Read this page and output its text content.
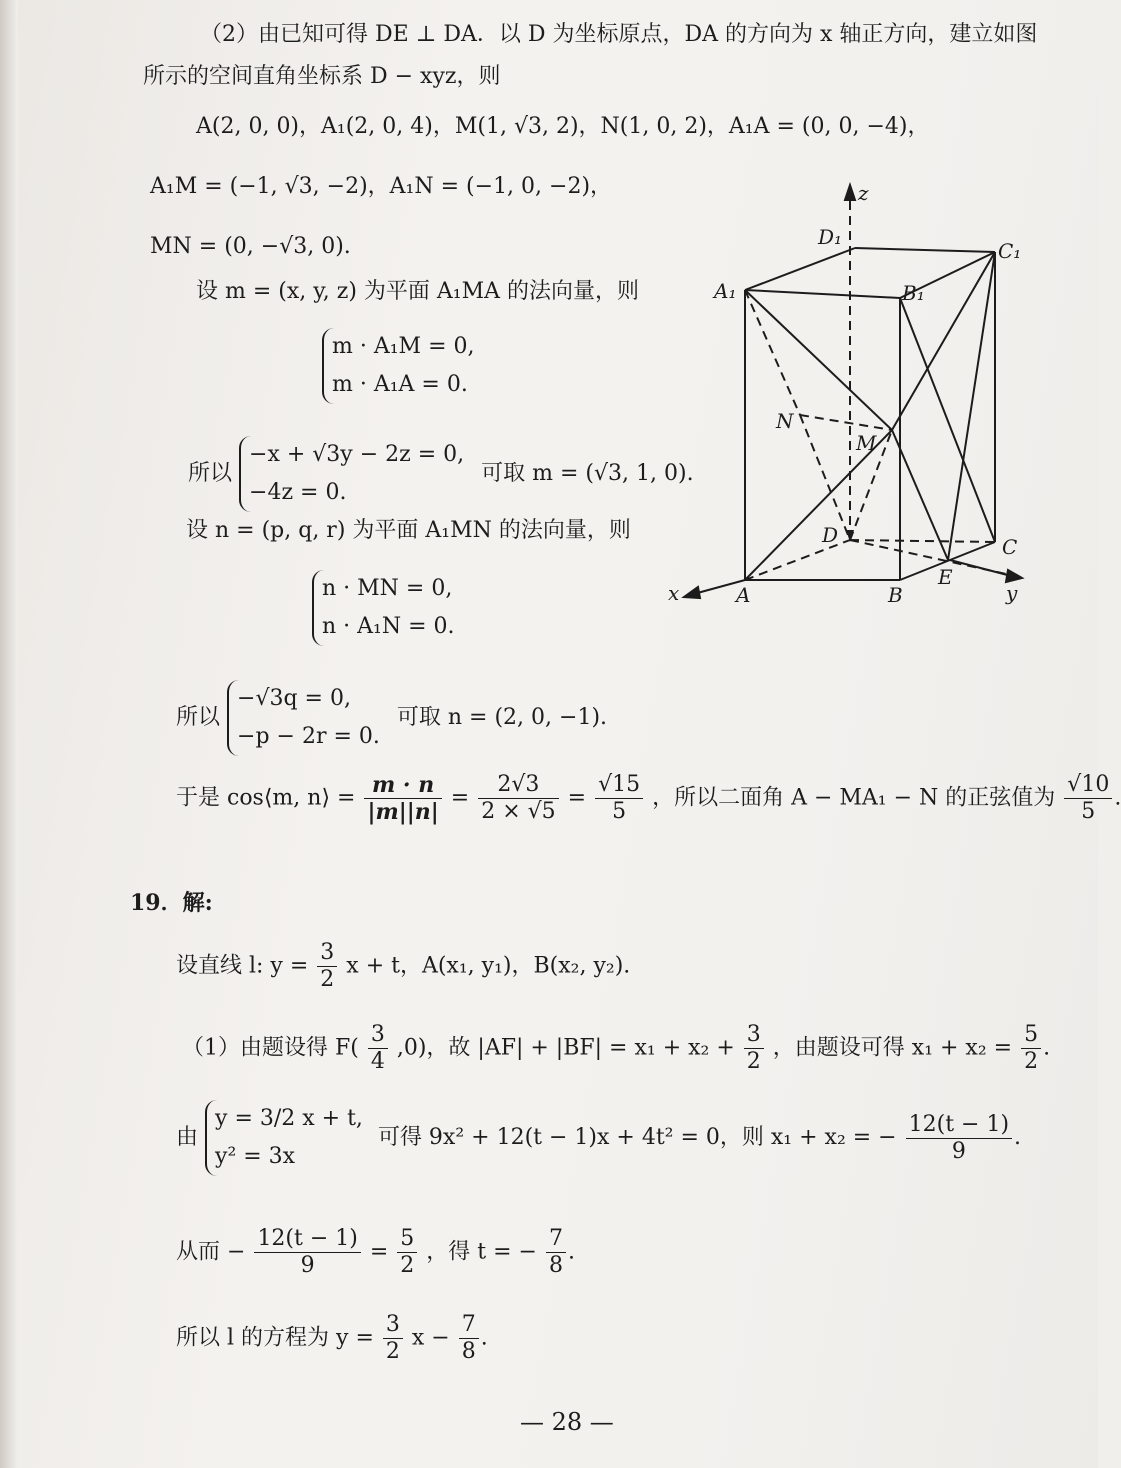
（2）由已知可得 DE ⊥ DA．以 D 为坐标原点，DA 的方向为 x 轴正方向，建立如图
所示的空间直角坐标系 D − xyz，则
A(2, 0, 0)，A₁(2, 0, 4)，M(1, √3, 2)，N(1, 0, 2)，A₁A = (0, 0, −4)，
A₁M = (−1, √3, −2)，A₁N = (−1, 0, −2)，
MN = (0, −√3, 0).
设 m = (x, y, z) 为平面 A₁MA 的法向量，则
m · A₁M = 0,
m · A₁A = 0.
所以
−x + √3y − 2z = 0,
−4z = 0.
可取 m = (√3, 1, 0).
设 n = (p, q, r) 为平面 A₁MN 的法向量，则
n · MN = 0,
n · A₁N = 0.
所以
−√3q = 0,
−p − 2r = 0.
可取 n = (2, 0, −1).
于是 cos⟨m, n⟩ = $\frac{m \cdot n}{|m||n|} = \frac{2√3}{2 \times √5} = \frac{√15}{5}$ ，所以二面角 A − MA₁ − N 的正弦值为 $\frac{√10}{5}$ .
19．解:
设直线 l: $y = \frac{3}{2}$ x + t，A(x₁, y₁)，B(x₂, y₂).
（1）由题设得 $F( \frac{3}{4} ,0)$，故 $|AF| + |BF| = x_1 + x_2 + \frac{3}{2}$ ，由题设可得 $x_1 + x_2 = \frac{5}{2}$ .
由
y = 3/2 x + t,
y² = 3x
可得 9x² + 12(t − 1)x + 4t² = 0，则 x₁ + x₂ = − $\frac{12(t - 1)}{9}$ .
从而 − $\frac{12(t - 1)}{9} = \frac{5}{2}$ ，得 t = − $\frac{7}{8}$ .
所以 l 的方程为 $y = \frac{3}{2}$ $x - \frac{7}{8}$ .
— 28 —
z
D₁
C₁
A₁	B₁
N
M
D	C
E
A	B
x	y
